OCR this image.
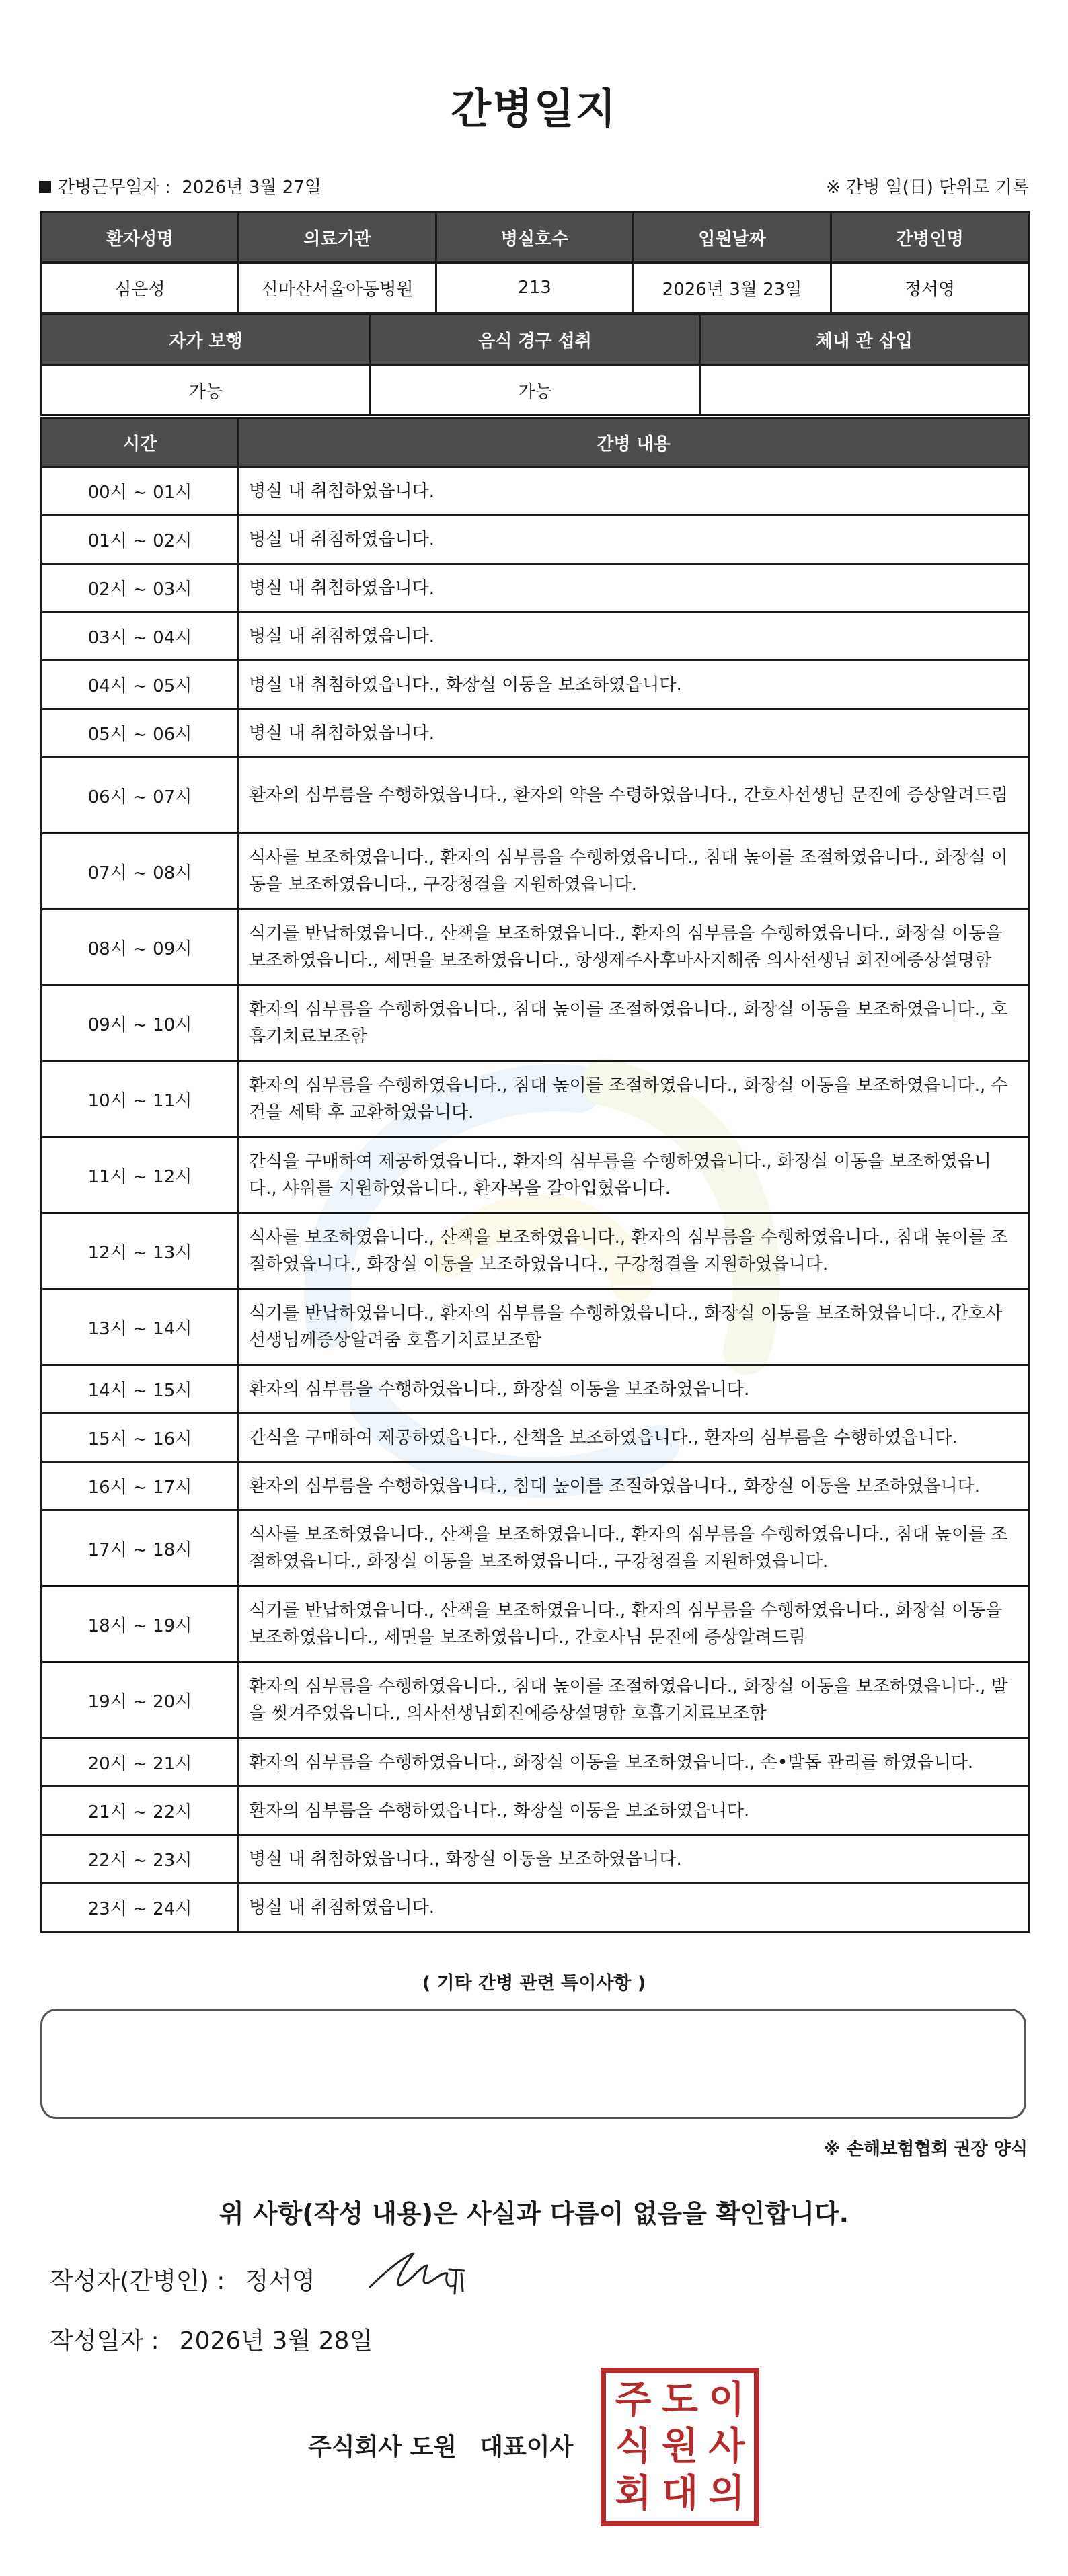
간병일지
간병근무일자 : 2026년 3월 27일	※ 간병 일(日) 단위로 기록
환자성명	의료기관	병실호수	입원날짜	간병인명
심은성	신마산서울아동병원	213	2026년 3월 23일	정서영
자가 보행	음식 경구 섭취	체내 관 삽입
가능	가능	
시간	간병 내용
00시 ~ 01시	병실 내 취침하였읍니다.
01시 ~ 02시	병실 내 취침하였읍니다.
02시 ~ 03시	병실 내 취침하였읍니다.
03시 ~ 04시	병실 내 취침하였읍니다.
04시 ~ 05시	병실 내 취침하였읍니다., 화장실 이동을 보조하였읍니다.
05시 ~ 06시	병실 내 취침하였읍니다.
06시 ~ 07시	환자의 심부름을 수행하였읍니다., 환자의 약을 수령하였읍니다., 간호사선생님 문진에 증상알려드림
07시 ~ 08시	식사를 보조하였읍니다., 환자의 심부름을 수행하였읍니다., 침대 높이를 조절하였읍니다., 화장실 이동을 보조하였읍니다., 구강청결을 지원하였읍니다.
08시 ~ 09시	식기를 반납하였읍니다., 산책을 보조하였읍니다., 환자의 심부름을 수행하였읍니다., 화장실 이동을 보조하였읍니다., 세면을 보조하였읍니다., 항생제주사후마사지해줌 의사선생님 회진에증상설명함
09시 ~ 10시	환자의 심부름을 수행하였읍니다., 침대 높이를 조절하였읍니다., 화장실 이동을 보조하였읍니다., 호흡기치료보조함
10시 ~ 11시	환자의 심부름을 수행하였읍니다., 침대 높이를 조절하였읍니다., 화장실 이동을 보조하였읍니다., 수건을 세탁 후 교환하였읍니다.
11시 ~ 12시	간식을 구매하여 제공하였읍니다., 환자의 심부름을 수행하였읍니다., 화장실 이동을 보조하였읍니다., 샤워를 지원하였읍니다., 환자복을 갈아입혔읍니다.
12시 ~ 13시	식사를 보조하였읍니다., 산책을 보조하였읍니다., 환자의 심부름을 수행하였읍니다., 침대 높이를 조절하였읍니다., 화장실 이동을 보조하였읍니다., 구강청결을 지원하였읍니다.
13시 ~ 14시	식기를 반납하였읍니다., 환자의 심부름을 수행하였읍니다., 화장실 이동을 보조하였읍니다., 간호사선생님께증상알려줌 호흡기치료보조함
14시 ~ 15시	환자의 심부름을 수행하였읍니다., 화장실 이동을 보조하였읍니다.
15시 ~ 16시	간식을 구매하여 제공하였읍니다., 산책을 보조하였읍니다., 환자의 심부름을 수행하였읍니다.
16시 ~ 17시	환자의 심부름을 수행하였읍니다., 침대 높이를 조절하였읍니다., 화장실 이동을 보조하였읍니다.
17시 ~ 18시	식사를 보조하였읍니다., 산책을 보조하였읍니다., 환자의 심부름을 수행하였읍니다., 침대 높이를 조절하였읍니다., 화장실 이동을 보조하였읍니다., 구강청결을 지원하였읍니다.
18시 ~ 19시	식기를 반납하였읍니다., 산책을 보조하였읍니다., 환자의 심부름을 수행하였읍니다., 화장실 이동을 보조하였읍니다., 세면을 보조하였읍니다., 간호사님 문진에 증상알려드림
19시 ~ 20시	환자의 심부름을 수행하였읍니다., 침대 높이를 조절하였읍니다., 화장실 이동을 보조하였읍니다., 발을 씻겨주었읍니다., 의사선생님회진에증상설명함 호흡기치료보조함
20시 ~ 21시	환자의 심부름을 수행하였읍니다., 화장실 이동을 보조하였읍니다., 손•발톱 관리를 하였읍니다.
21시 ~ 22시	환자의 심부름을 수행하였읍니다., 화장실 이동을 보조하였읍니다.
22시 ~ 23시	병실 내 취침하였읍니다., 화장실 이동을 보조하였읍니다.
23시 ~ 24시	병실 내 취침하였읍니다.
( 기타 간병 관련 특이사항 )
※ 손해보험협회 권장 양식
위 사항(작성 내용)은 사실과 다름이 없음을 확인합니다.
작성자(간병인) : 정서영
작성일자 : 2026년 3월 28일
주식회사 도원 대표이사
주 도 이
식 원 사
회 대 의
